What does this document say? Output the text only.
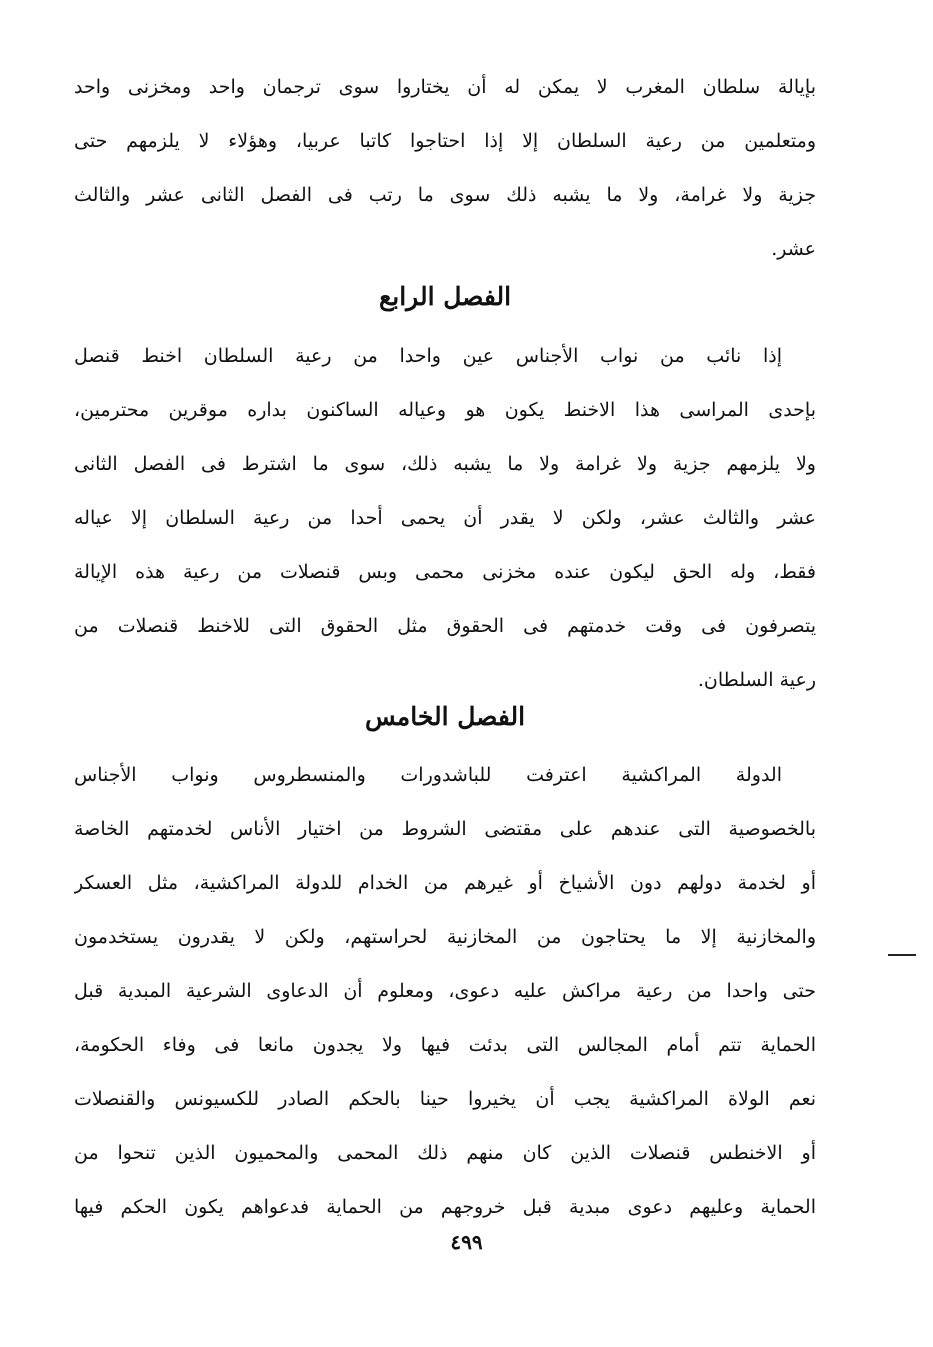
بإيالة سلطان المغرب لا يمكن له أن يختاروا سوى ترجمان واحد ومخزنى واحد
ومتعلمين من رعية السلطان إلا إذا احتاجوا كاتبا عربيا، وهؤلاء لا يلزمهم حتى
جزية ولا غرامة، ولا ما يشبه ذلك سوى ما رتب فى الفصل الثانى عشر والثالث
عشر.
الفصل الرابع
إذا نائب من نواب الأجناس عين واحدا من رعية السلطان اخنط قنصل
بإحدى المراسى هذا الاخنط يكون هو وعياله الساكنون بداره موقرين محترمين،
ولا يلزمهم جزية ولا غرامة ولا ما يشبه ذلك، سوى ما اشترط فى الفصل الثانى
عشر والثالث عشر، ولكن لا يقدر أن يحمى أحدا من رعية السلطان إلا عياله
فقط، وله الحق ليكون عنده مخزنى محمى وبس قنصلات من رعية هذه الإيالة
يتصرفون فى وقت خدمتهم فى الحقوق مثل الحقوق التى للاخنط قنصلات من
رعية السلطان.
الفصل الخامس
الدولة المراكشية اعترفت للباشدورات والمنسطروس ونواب الأجناس
بالخصوصية التى عندهم على مقتضى الشروط من اختيار الأناس لخدمتهم الخاصة
أو لخدمة دولهم دون الأشياخ أو غيرهم من الخدام للدولة المراكشية، مثل العسكر
والمخازنية إلا ما يحتاجون من المخازنية لحراستهم، ولكن لا يقدرون يستخدمون
حتى واحدا من رعية مراكش عليه دعوى، ومعلوم أن الدعاوى الشرعية المبدية قبل
الحماية تتم أمام المجالس التى بدئت فيها ولا يجدون مانعا فى وفاء الحكومة،
نعم الولاة المراكشية يجب أن يخيروا حينا بالحكم الصادر للكسيونس والقنصلات
أو الاخنطس قنصلات الذين كان منهم ذلك المحمى والمحميون الذين تنحوا من
الحماية وعليهم دعوى مبدية قبل خروجهم من الحماية فدعواهم يكون الحكم فيها
٤٩٩
